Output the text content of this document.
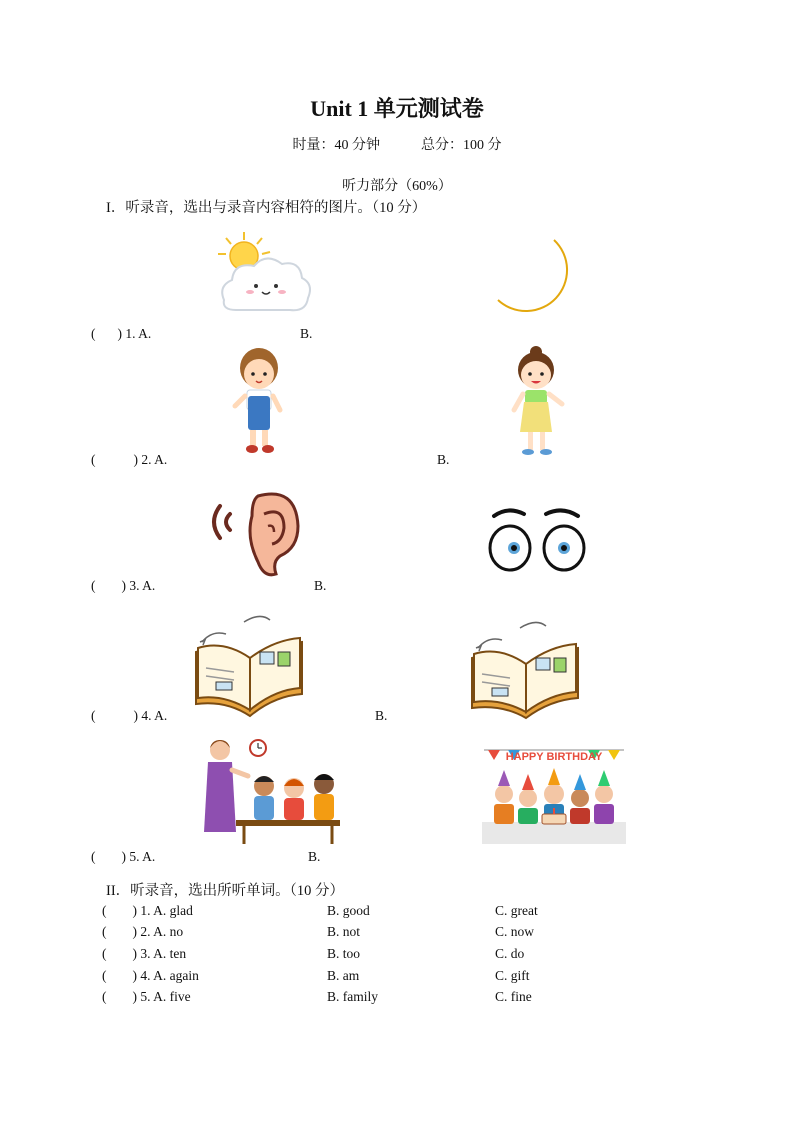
Unit 1 单元测试卷
时量：40 分钟	总分：100 分
听力部分（60%）
I．听录音，选出与录音内容相符的图片。（10 分）
( ) 1. A.	B.
(	) 2. A.	B.
( ) 3. A.	B.
(	) 4. A.	B.
HAPPY BIRTHDAY
( ) 5. A.	B.
II．听录音，选出所听单词。（10 分）
( ) 1. A. glad	B. good	C. great
( ) 2. A. no	B. not	C. now
( ) 3. A. ten	B. too	C. do
( ) 4. A. again	B. am	C. gift
( ) 5. A. five	B. family	C. fine
